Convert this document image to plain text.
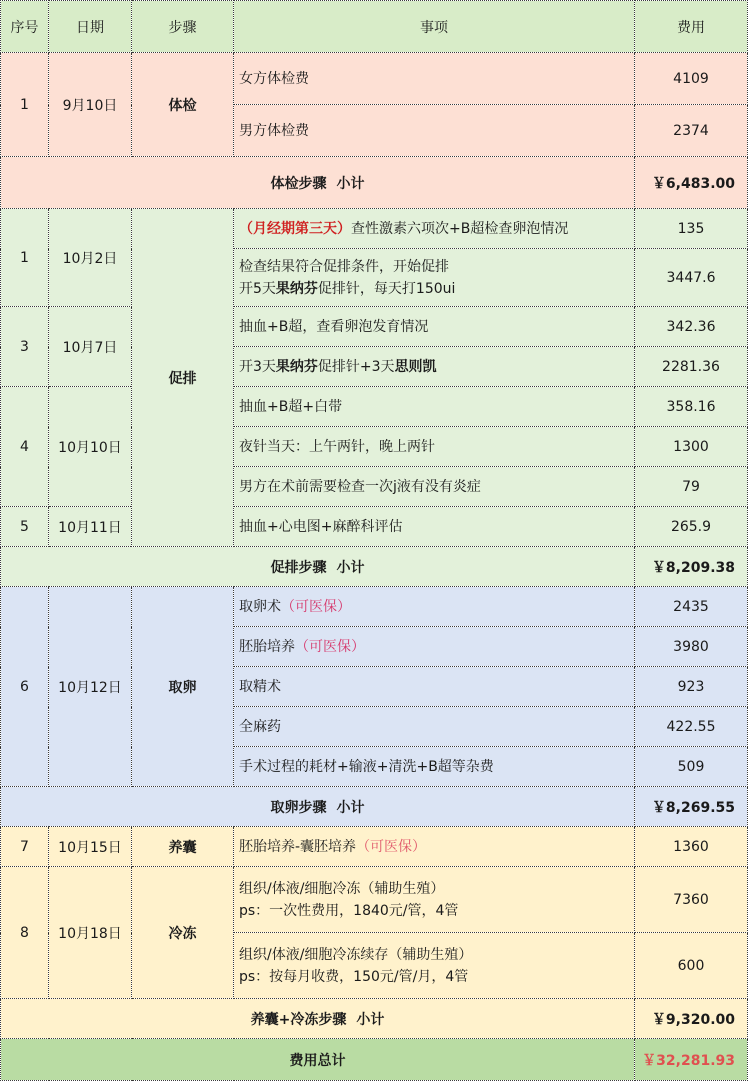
序号	日期	步骤	事项	费用
1	9月10日	体检	女方体检费	4109
			男方体检费	2374
体检步骤 小计				￥6,483.00
1	10月2日	促排	（月经期第三天）查性激素六项次+B超检查卵泡情况	135

			检查结果符合促排条件，开始促排
开5天果纳芬促排针，每天打150ui	3447.6
3	10月7日		抽血+B超，查看卵泡发育情况	342.36
			开3天果纳芬促排针+3天思则凯	2281.36
4	10月10日		抽血+B超+白带	358.16
			夜针当天：上午两针，晚上两针	1300
			男方在术前需要检查一次j液有没有炎症	79
5	10月11日		抽血+心电图+麻醉科评估	265.9
促排步骤 小计				￥8,209.38
6	10月12日	取卵	取卵术（可医保）	2435
			胚胎培养（可医保）	3980
			取精术	923
			全麻药	422.55
			手术过程的耗材+输液+清洗+B超等杂费	509
取卵步骤 小计				￥8,269.55
7	10月15日	养囊	胚胎培养-囊胚培养（可医保）	1360
8	10月18日	冷冻	组织/体液/细胞冷冻（辅助生殖）
ps：一次性费用，1840元/管，4管	7360

			组织/体液/细胞冷冻续存（辅助生殖）
ps：按每月收费，150元/管/月，4管	600
养囊+冷冻步骤 小计				￥9,320.00
费用总计				￥32,281.93
